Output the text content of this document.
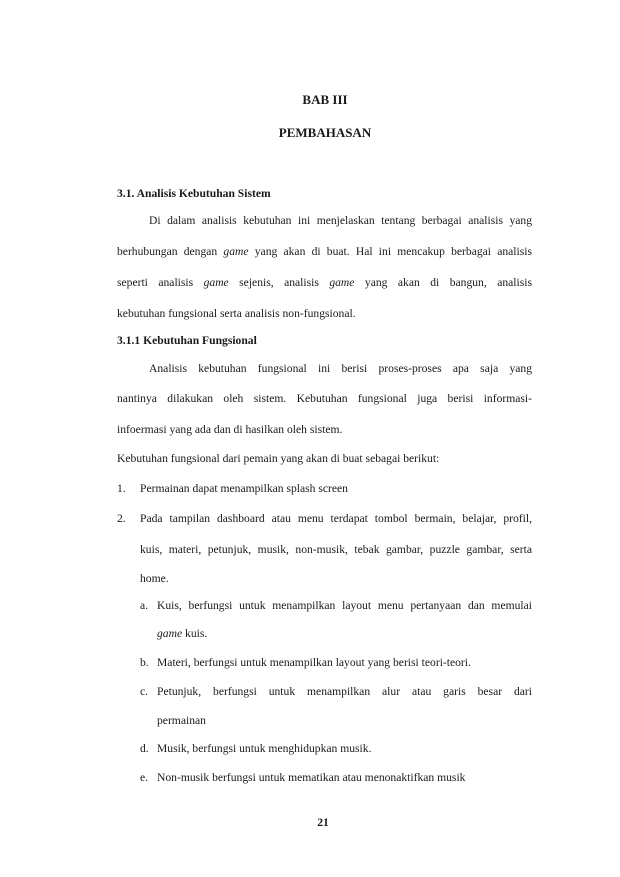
BAB III
PEMBAHASAN
3.1. Analisis Kebutuhan Sistem
Di dalam analisis kebutuhan ini menjelaskan tentang berbagai analisis yang
berhubungan dengan game yang akan di buat. Hal ini mencakup berbagai analisis
seperti analisis game sejenis, analisis game yang akan di bangun, analisis
kebutuhan fungsional serta analisis non-fungsional.
3.1.1 Kebutuhan Fungsional
Analisis kebutuhan fungsional ini berisi proses-proses apa saja yang
nantinya dilakukan oleh sistem. Kebutuhan fungsional juga berisi informasi-
infoermasi yang ada dan di hasilkan oleh sistem.
Kebutuhan fungsional dari pemain yang akan di buat sebagai berikut:
1. Permainan dapat menampilkan splash screen
2. Pada tampilan dashboard atau menu terdapat tombol bermain, belajar, profil,
kuis, materi, petunjuk, musik, non-musik, tebak gambar, puzzle gambar, serta
home.
a. Kuis, berfungsi untuk menampilkan layout menu pertanyaan dan memulai
game kuis.
b. Materi, berfungsi untuk menampilkan layout yang berisi teori-teori.
c. Petunjuk, berfungsi untuk menampilkan alur atau garis besar dari
permainan
d. Musik, berfungsi untuk menghidupkan musik.
e. Non-musik berfungsi untuk mematikan atau menonaktifkan musik
21
